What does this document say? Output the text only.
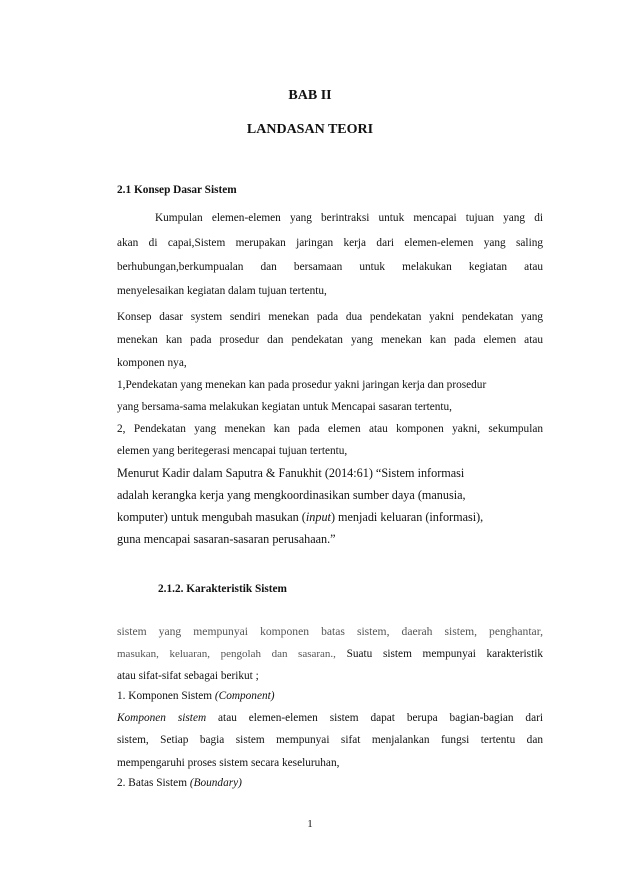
BAB II
LANDASAN TEORI
2.1 Konsep Dasar Sistem
Kumpulan elemen-elemen yang berintraksi untuk mencapai tujuan yang di
akan di capai,Sistem merupakan jaringan kerja dari elemen-elemen yang saling
berhubungan,berkumpualan dan bersamaan untuk melakukan kegiatan atau
menyelesaikan kegiatan dalam tujuan tertentu,
Konsep dasar system sendiri menekan pada dua pendekatan yakni pendekatan yang
menekan kan pada prosedur dan pendekatan yang menekan kan pada elemen atau
komponen nya,
1,Pendekatan yang menekan kan pada prosedur yakni jaringan kerja dan prosedur
yang bersama-sama melakukan kegiatan untuk Mencapai sasaran tertentu,
2, Pendekatan yang menekan kan pada elemen atau komponen yakni, sekumpulan
elemen yang beritegerasi mencapai tujuan tertentu,
Menurut Kadir dalam Saputra & Fanukhit (2014:61) “Sistem informasi
adalah kerangka kerja yang mengkoordinasikan sumber daya (manusia,
komputer) untuk mengubah masukan (input) menjadi keluaran (informasi),
guna mencapai sasaran-sasaran perusahaan.”
2.1.2. Karakteristik Sistem
sistem yang mempunyai komponen batas sistem, daerah sistem, penghantar,
masukan, keluaran, pengolah dan sasaran., Suatu sistem mempunyai karakteristik
atau sifat-sifat sebagai berikut ;
1. Komponen Sistem (Component)
Komponen sistem atau elemen-elemen sistem dapat berupa bagian-bagian dari
sistem, Setiap bagia sistem mempunyai sifat menjalankan fungsi tertentu dan
mempengaruhi proses sistem secara keseluruhan,
2. Batas Sistem (Boundary)
1
